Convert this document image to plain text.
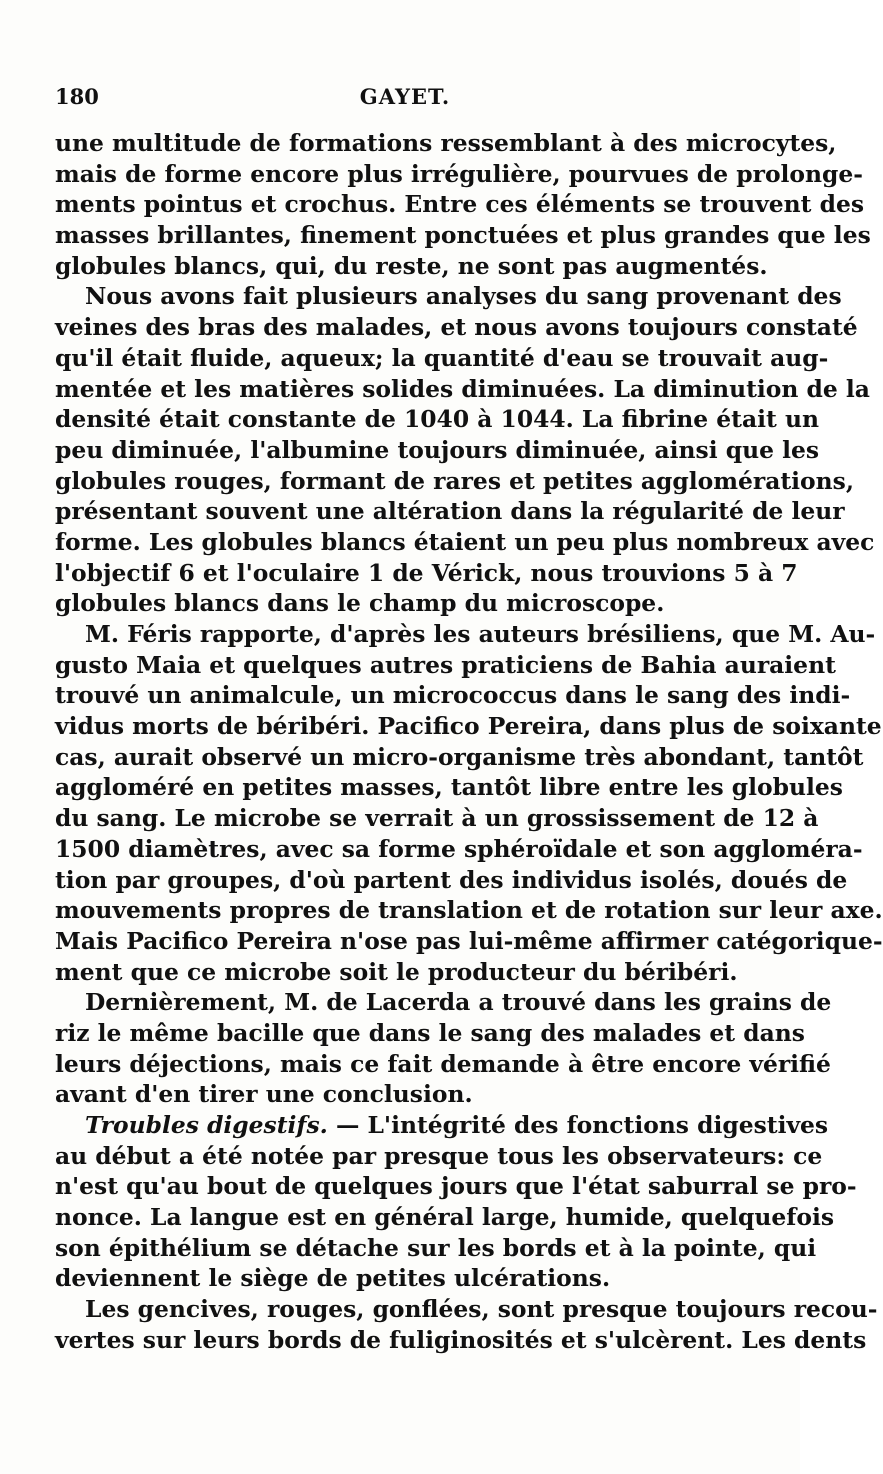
180	GAYET.
une multitude de formations ressemblant à des microcytes,
mais de forme encore plus irrégulière, pourvues de prolonge-
ments pointus et crochus. Entre ces éléments se trouvent des
masses brillantes, finement ponctuées et plus grandes que les
globules blancs, qui, du reste, ne sont pas augmentés.
Nous avons fait plusieurs analyses du sang provenant des
veines des bras des malades, et nous avons toujours constaté
qu'il était fluide, aqueux; la quantité d'eau se trouvait aug-
mentée et les matières solides diminuées. La diminution de la
densité était constante de 1040 à 1044. La fibrine était un
peu diminuée, l'albumine toujours diminuée, ainsi que les
globules rouges, formant de rares et petites agglomérations,
présentant souvent une altération dans la régularité de leur
forme. Les globules blancs étaient un peu plus nombreux avec
l'objectif 6 et l'oculaire 1 de Vérick, nous trouvions 5 à 7
globules blancs dans le champ du microscope.
M. Féris rapporte, d'après les auteurs brésiliens, que M. Au-
gusto Maia et quelques autres praticiens de Bahia auraient
trouvé un animalcule, un micrococcus dans le sang des indi-
vidus morts de béribéri. Pacifico Pereira, dans plus de soixante
cas, aurait observé un micro-organisme très abondant, tantôt
aggloméré en petites masses, tantôt libre entre les globules
du sang. Le microbe se verrait à un grossissement de 12 à
1500 diamètres, avec sa forme sphéroïdale et son aggloméra-
tion par groupes, d'où partent des individus isolés, doués de
mouvements propres de translation et de rotation sur leur axe.
Mais Pacifico Pereira n'ose pas lui-même affirmer catégorique-
ment que ce microbe soit le producteur du béribéri.
Dernièrement, M. de Lacerda a trouvé dans les grains de
riz le même bacille que dans le sang des malades et dans
leurs déjections, mais ce fait demande à être encore vérifié
avant d'en tirer une conclusion.
Troubles digestifs. — L'intégrité des fonctions digestives
au début a été notée par presque tous les observateurs: ce
n'est qu'au bout de quelques jours que l'état saburral se pro-
nonce. La langue est en général large, humide, quelquefois
son épithélium se détache sur les bords et à la pointe, qui
deviennent le siège de petites ulcérations.
Les gencives, rouges, gonflées, sont presque toujours recou-
vertes sur leurs bords de fuliginosités et s'ulcèrent. Les dents
